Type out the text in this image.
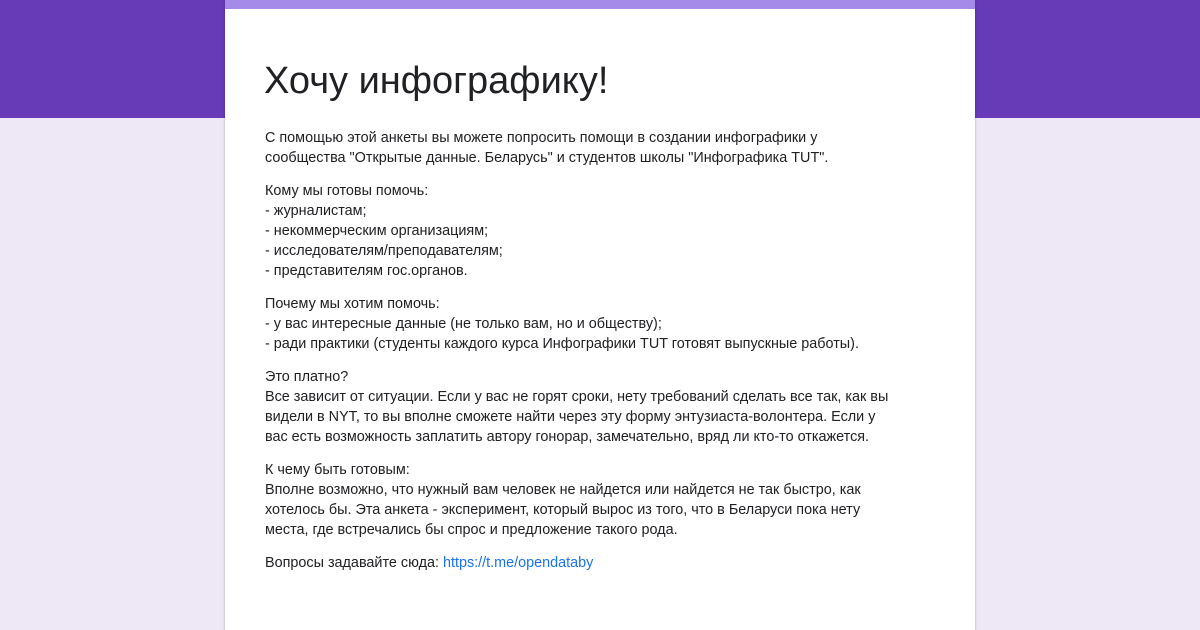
Хочу инфографику!

С помощью этой анкеты вы можете попросить помощи в создании инфографики у
сообщества "Открытые данные. Беларусь" и студентов школы "Инфографика TUT".

Кому мы готовы помочь:
- журналистам;
- некоммерческим организациям;
- исследователям/преподавателям;
- представителям гос.органов.

Почему мы хотим помочь:
- у вас интересные данные (не только вам, но и обществу);
- ради практики (студенты каждого курса Инфографики TUT готовят выпускные работы).

Это платно?
Все зависит от ситуации. Если у вас не горят сроки, нету требований сделать все так, как вы
видели в NYT, то вы вполне сможете найти через эту форму энтузиаста-волонтера. Если у
вас есть возможность заплатить автору гонорар, замечательно, вряд ли кто-то откажется.

К чему быть готовым:
Вполне возможно, что нужный вам человек не найдется или найдется не так быстро, как
хотелось бы. Эта анкета - эксперимент, который вырос из того, что в Беларуси пока нету
места, где встречались бы спрос и предложение такого рода.

Вопросы задавайте сюда: https://t.me/opendataby
